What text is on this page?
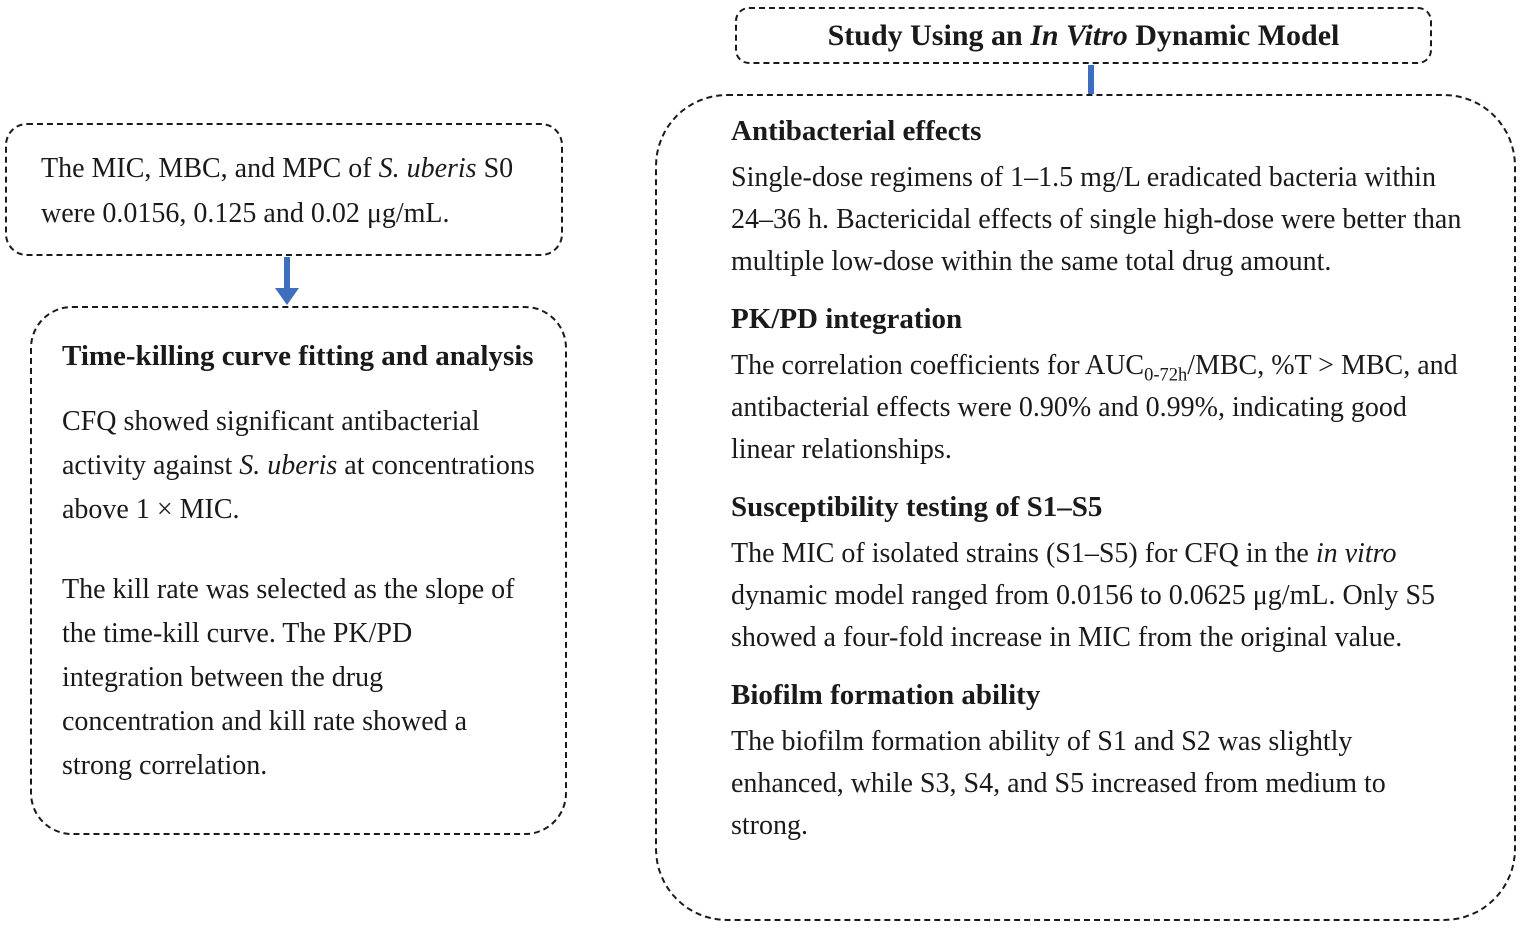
Study Using an In Vitro Dynamic Model
The MIC, MBC, and MPC of S. uberis S0 were 0.0156, 0.125 and 0.02 μg/mL.
Time-killing curve fitting and analysis
CFQ showed significant antibacterial activity against S. uberis at concentrations above 1 × MIC.
The kill rate was selected as the slope of the time-kill curve. The PK/PD integration between the drug concentration and kill rate showed a strong correlation.
Antibacterial effects
Single-dose regimens of 1–1.5 mg/L eradicated bacteria within 24–36 h. Bactericidal effects of single high-dose were better than multiple low-dose within the same total drug amount.
PK/PD integration
The correlation coefficients for $AUC_{0-72h}$/MBC, %T > MBC, and antibacterial effects were 0.90% and 0.99%, indicating good linear relationships.
Susceptibility testing of S1–S5
The MIC of isolated strains (S1–S5) for CFQ in the in vitro dynamic model ranged from 0.0156 to 0.0625 μg/mL. Only S5 showed a four-fold increase in MIC from the original value.
Biofilm formation ability
The biofilm formation ability of S1 and S2 was slightly enhanced, while S3, S4, and S5 increased from medium to strong.
